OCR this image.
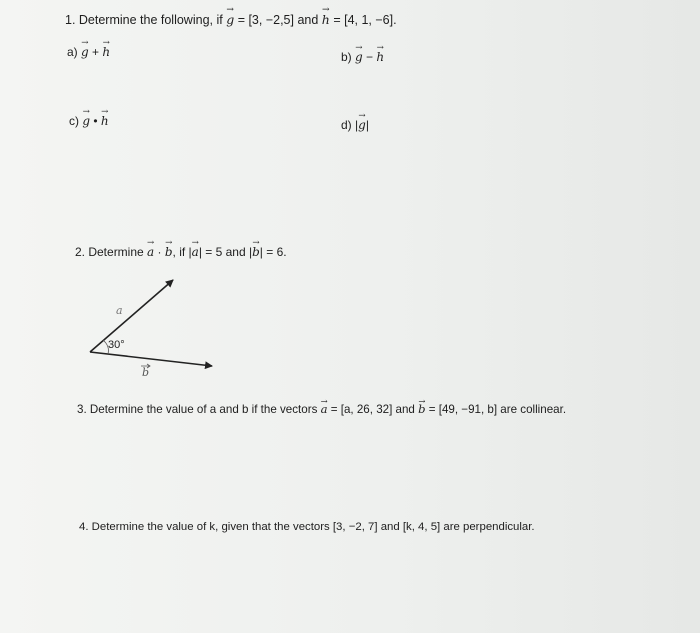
1. Determine the following, if → g = [3, −2,5] and → h = [4, 1, −6].
a) → g + → h	b) → g − → h
c) → g • → h	d) |→ g|
2. Determine → a · → b, if |→ a| = 5 and |→ b| = 6.
a
30°
b
3. Determine the value of a and b if the vectors → a = [a, 26, 32] and → b = [49, −91, b] are collinear.
4. Determine the value of k, given that the vectors [3, −2, 7] and [k, 4, 5] are perpendicular.
